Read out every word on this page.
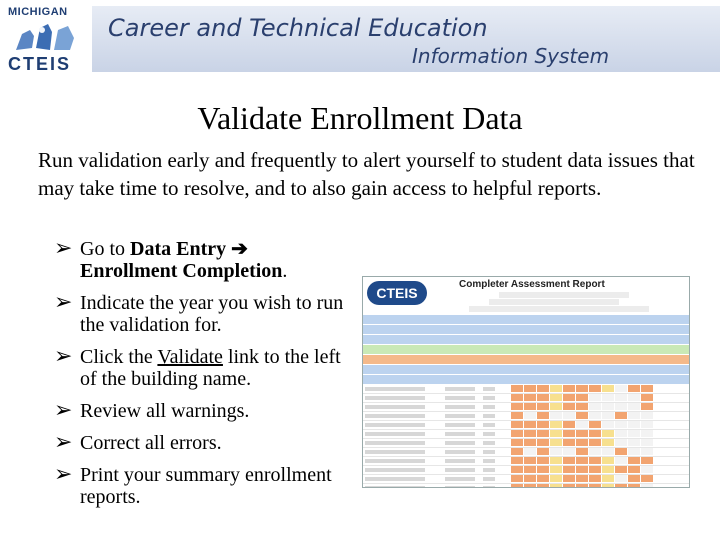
MICHIGAN
CTEIS
Career and Technical Education
Information System
Validate Enrollment Data
Run validation early and frequently to alert yourself to student data issues that may take time to resolve, and to also gain access to helpful reports.
➢ Go to Data Entry ➔
Enrollment Completion.
➢ Indicate the year you wish to run the validation for.
➢ Click the Validate link to the left of the building name.
➢ Review all warnings.
➢ Correct all errors.
➢ Print your summary enrollment reports.
CTEIS
Completer Assessment Report
